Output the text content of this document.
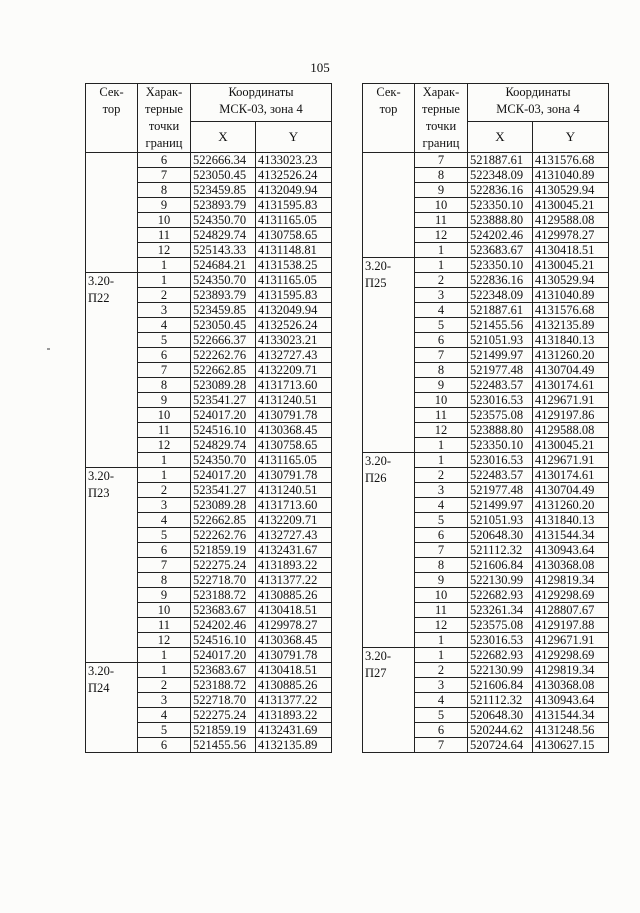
105
Сек-
тор	Харак-
терные
точки
границ	Координаты
МСК-03, зона 4	
		X	Y
	6	522666.34	4133023.23
	7	523050.45	4132526.24
	8	523459.85	4132049.94
	9	523893.79	4131595.83
	10	524350.70	4131165.05
	11	524829.74	4130758.65
	12	525143.33	4131148.81
	1	524684.21	4131538.25
3.20-
П22	1	524350.70	4131165.05
	2	523893.79	4131595.83
	3	523459.85	4132049.94
	4	523050.45	4132526.24
	5	522666.37	4133023.21
	6	522262.76	4132727.43
	7	522662.85	4132209.71
	8	523089.28	4131713.60
	9	523541.27	4131240.51
	10	524017.20	4130791.78
	11	524516.10	4130368.45
	12	524829.74	4130758.65
	1	524350.70	4131165.05
3.20-
П23	1	524017.20	4130791.78
	2	523541.27	4131240.51
	3	523089.28	4131713.60
	4	522662.85	4132209.71
	5	522262.76	4132727.43
	6	521859.19	4132431.67
	7	522275.24	4131893.22
	8	522718.70	4131377.22
	9	523188.72	4130885.26
	10	523683.67	4130418.51
	11	524202.46	4129978.27
	12	524516.10	4130368.45
	1	524017.20	4130791.78
3.20-
П24	1	523683.67	4130418.51
	2	523188.72	4130885.26
	3	522718.70	4131377.22
	4	522275.24	4131893.22
	5	521859.19	4132431.69
	6	521455.56	4132135.89
Сек-
тор	Харак-
терные
точки
границ	Координаты
МСК-03, зона 4	
		X	Y
	7	521887.61	4131576.68
	8	522348.09	4131040.89
	9	522836.16	4130529.94
	10	523350.10	4130045.21
	11	523888.80	4129588.08
	12	524202.46	4129978.27
	1	523683.67	4130418.51
3.20-
П25	1	523350.10	4130045.21
	2	522836.16	4130529.94
	3	522348.09	4131040.89
	4	521887.61	4131576.68
	5	521455.56	4132135.89
	6	521051.93	4131840.13
	7	521499.97	4131260.20
	8	521977.48	4130704.49
	9	522483.57	4130174.61
	10	523016.53	4129671.91
	11	523575.08	4129197.86
	12	523888.80	4129588.08
	1	523350.10	4130045.21
3.20-
П26	1	523016.53	4129671.91
	2	522483.57	4130174.61
	3	521977.48	4130704.49
	4	521499.97	4131260.20
	5	521051.93	4131840.13
	6	520648.30	4131544.34
	7	521112.32	4130943.64
	8	521606.84	4130368.08
	9	522130.99	4129819.34
	10	522682.93	4129298.69
	11	523261.34	4128807.67
	12	523575.08	4129197.88
	1	523016.53	4129671.91
3.20-
П27	1	522682.93	4129298.69
	2	522130.99	4129819.34
	3	521606.84	4130368.08
	4	521112.32	4130943.64
	5	520648.30	4131544.34
	6	520244.62	4131248.56
	7	520724.64	4130627.15
